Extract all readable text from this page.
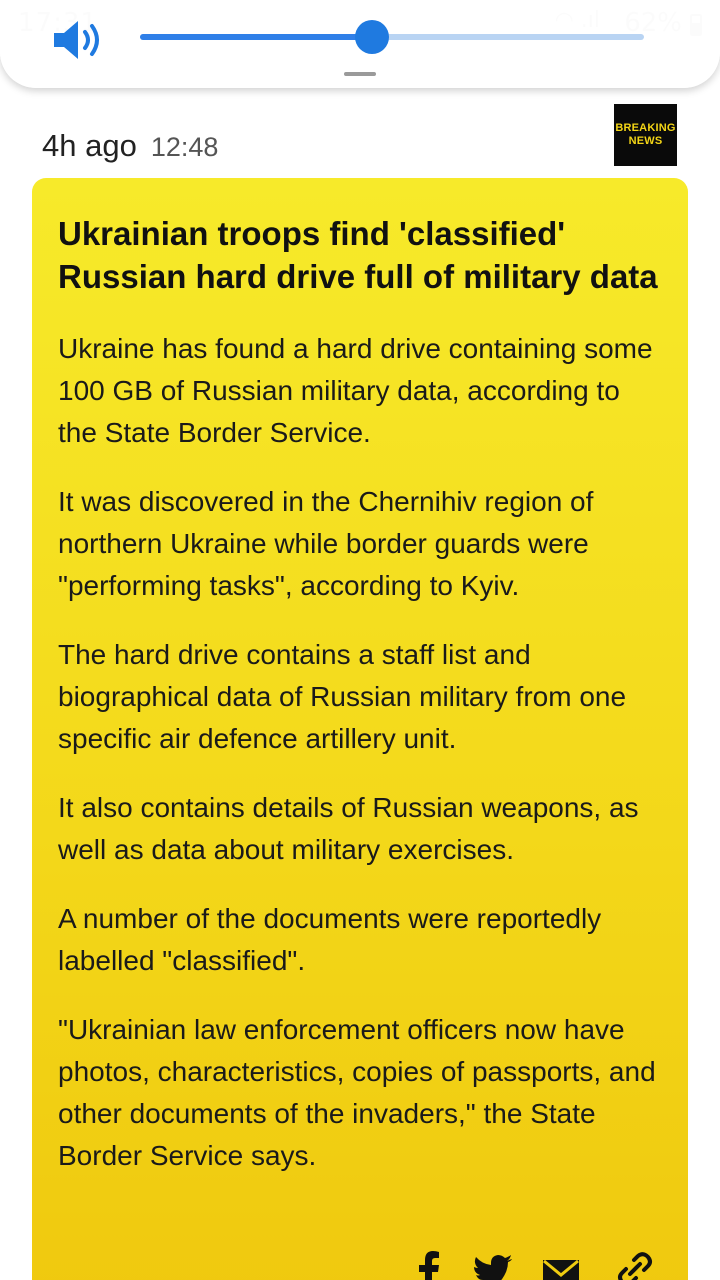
4h ago 12:48
BREAKING
NEWS
Ukrainian troops find 'classified' Russian hard drive full of military data

Ukraine has found a hard drive containing some 100 GB of Russian military data, according to the State Border Service.

It was discovered in the Chernihiv region of northern Ukraine while border guards were "performing tasks", according to Kyiv.

The hard drive contains a staff list and biographical data of Russian military from one specific air defence artillery unit.

It also contains details of Russian weapons, as well as data about military exercises.

A number of the documents were reportedly labelled "classified".

"Ukrainian law enforcement officers now have photos, characteristics, copies of passports, and other documents of the invaders," the State Border Service says.
